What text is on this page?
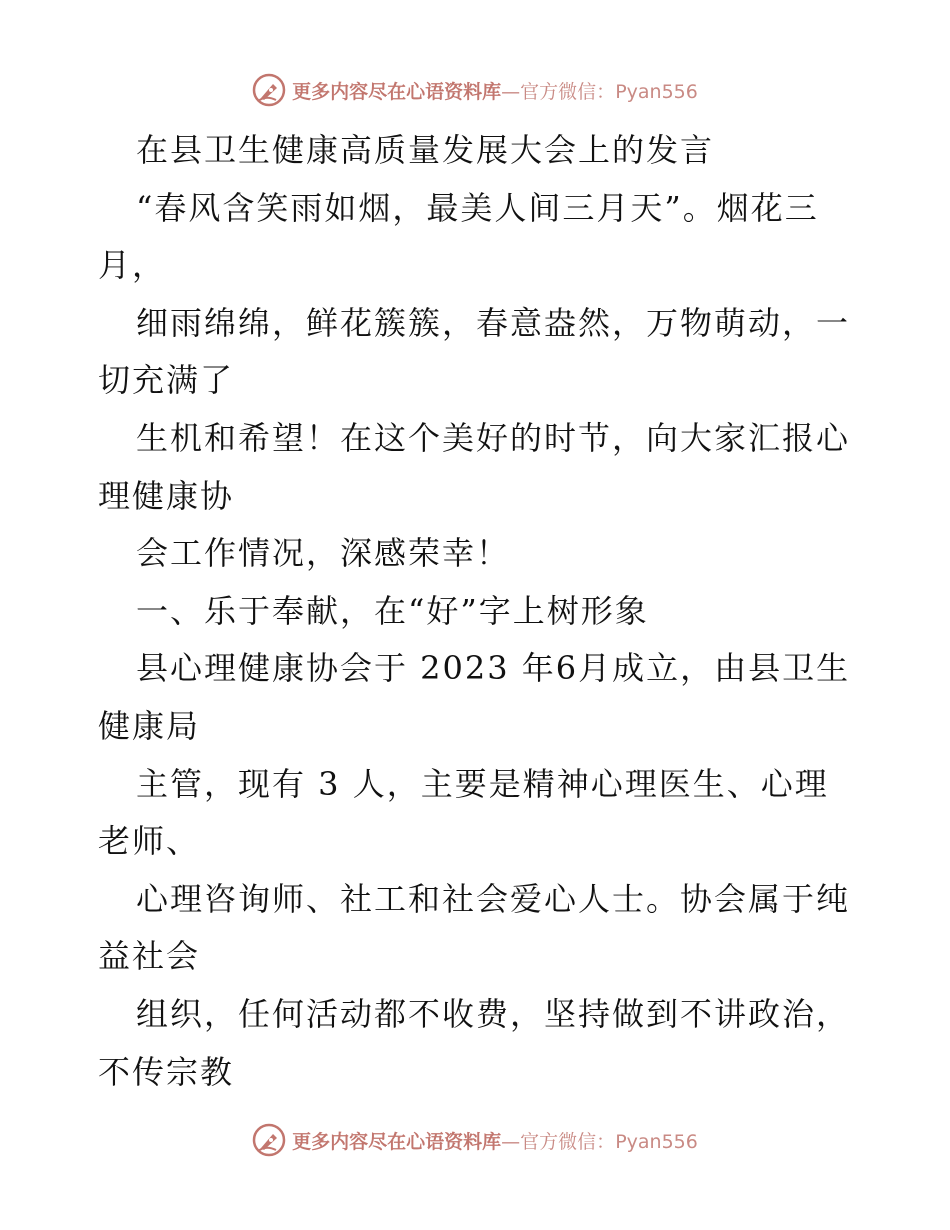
更多内容尽在心语资料库—官方微信：Pyan556
在县卫生健康高质量发展大会上的发言
“春风含笑雨如烟，最美人间三月天”。烟花三
月，
细雨绵绵，鲜花簇簇，春意盎然，万物萌动，一
切充满了
生机和希望！在这个美好的时节，向大家汇报心
理健康协
会工作情况，深感荣幸！
一、乐于奉献，在“好”字上树形象
县心理健康协会于 2023 年6月成立，由县卫生
健康局
主管，现有 3 人，主要是精神心理医生、心理
老师、
心理咨询师、社工和社会爱心人士。协会属于纯
益社会
组织，任何活动都不收费，坚持做到不讲政治，
不传宗教
更多内容尽在心语资料库—官方微信：Pyan556
